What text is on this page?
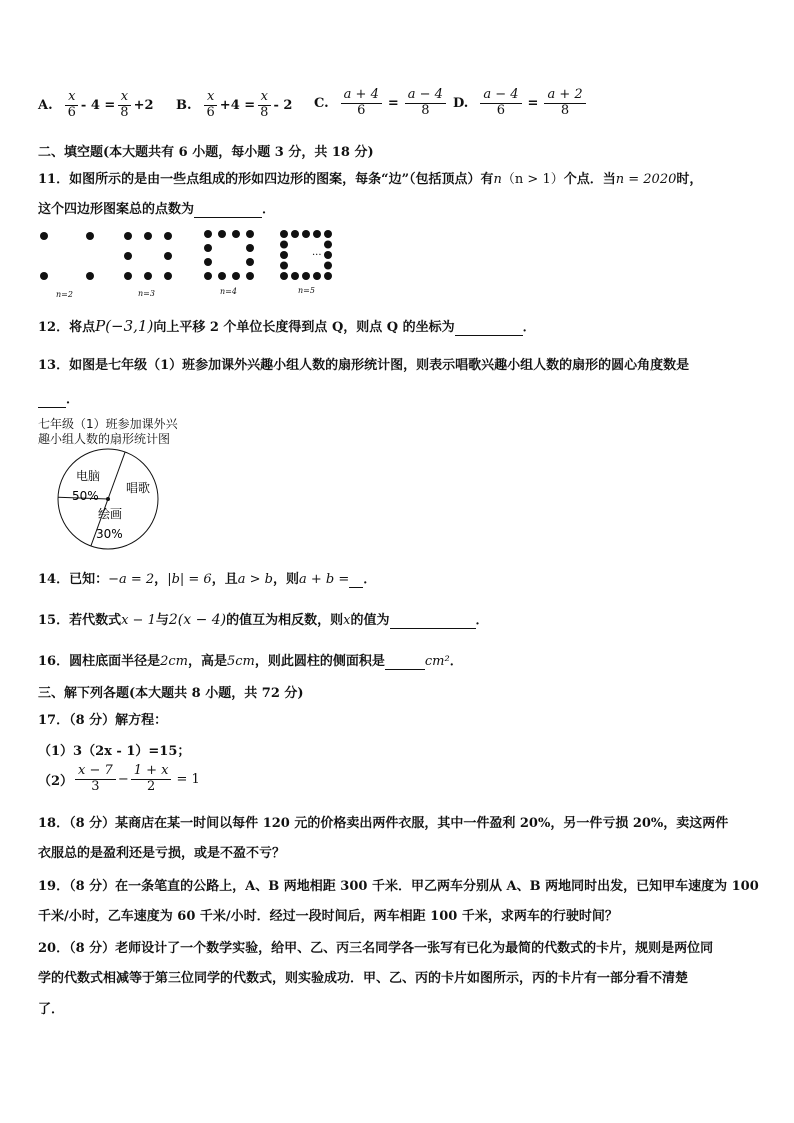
A. $\frac{x}{6} - 4 = \frac{x}{8} +2$ B. $\frac{x}{6} +4 = \frac{x}{8} - 2$ C. $\frac{a + 4}{6} = \frac{a - 4}{8} D$. $\frac{a - 4}{6} = \frac{a + 2}{8}$
二、填空题(本大题共有 6 小题，每小题 3 分，共 18 分)
11．如图所示的是由一些点组成的形如四边形的图案，每条“边”（包括顶点）有n（n > 1）个点．当n = 2020时，
这个四边形图案总的点数为	．
···
n=2	n=3	n=4	n=5
12．将点P(−3,1)向上平移 2 个单位长度得到点 Q，则点 Q 的坐标为	．
13．如图是七年级（1）班参加课外兴趣小组人数的扇形统计图，则表示唱歌兴趣小组人数的扇形的圆心角度数是
．
七年级（1）班参加课外兴
趣小组人数的扇形统计图
电脑
50%
唱歌
绘画
30%
14．已知：−a = 2，|b| = 6，且a > b，则a + b = ．
15．若代数式x − 1与2(x − 4)的值互为相反数，则x的值为	．
16．圆柱底面半径是2cm，高是5cm，则此圆柱的侧面积是	cm²．
三、解下列各题(本大题共 8 小题，共 72 分)
17．（8 分）解方程：
（1）3（2x - 1）=15；
$(2) \frac{x - 7}{3} - \frac{1 + x}{2} = 1$
18．（8 分）某商店在某一时间以每件 120 元的价格卖出两件衣服，其中一件盈利 20%，另一件亏损 20%，卖这两件
衣服总的是盈利还是亏损，或是不盈不亏？
19．（8 分）在一条笔直的公路上，A、B 两地相距 300 千米．甲乙两车分别从 A、B 两地同时出发，已知甲车速度为 100
千米/小时，乙车速度为 60 千米/小时．经过一段时间后，两车相距 100 千米，求两车的行驶时间？
20．（8 分）老师设计了一个数学实验，给甲、乙、丙三名同学各一张写有已化为最简的代数式的卡片，规则是两位同
学的代数式相减等于第三位同学的代数式，则实验成功．甲、乙、丙的卡片如图所示，丙的卡片有一部分看不清楚
了．
